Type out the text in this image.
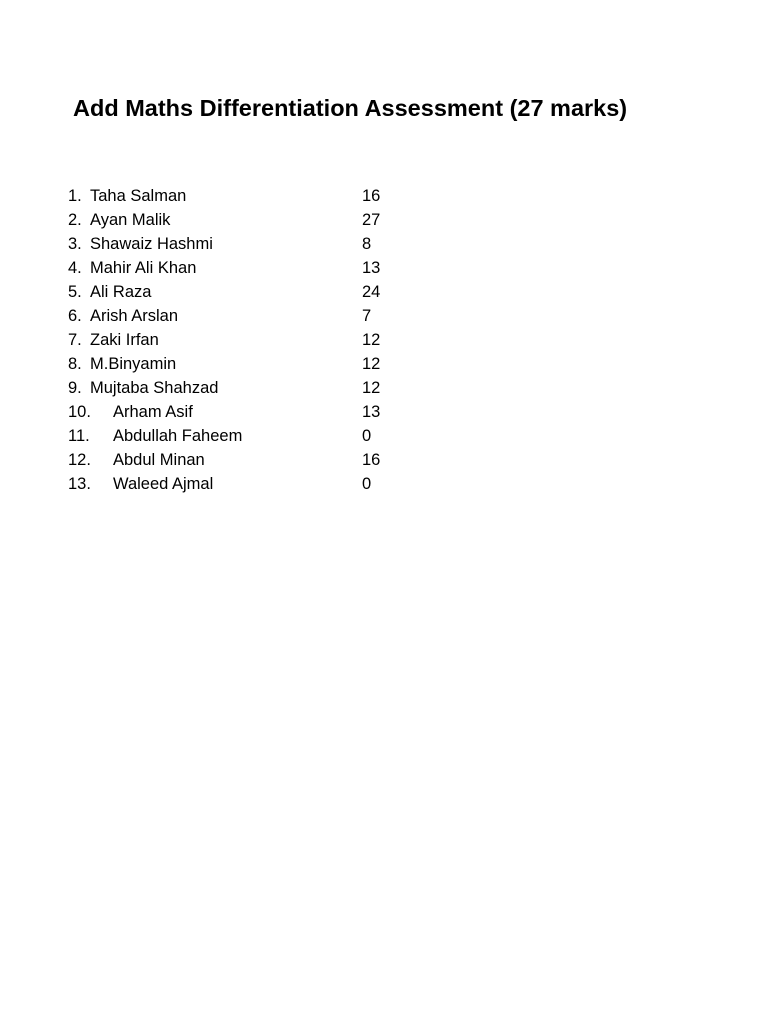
Add Maths Differentiation Assessment (27 marks)
1. Taha Salman	16
2. Ayan Malik	27
3. Shawaiz Hashmi	8
4. Mahir Ali Khan	13
5. Ali Raza	24
6. Arish Arslan	7
7. Zaki Irfan	12
8. M.Binyamin	12
9. Mujtaba Shahzad	12
10. Arham Asif	13
11. Abdullah Faheem	0
12. Abdul Minan	16
13. Waleed Ajmal	0
